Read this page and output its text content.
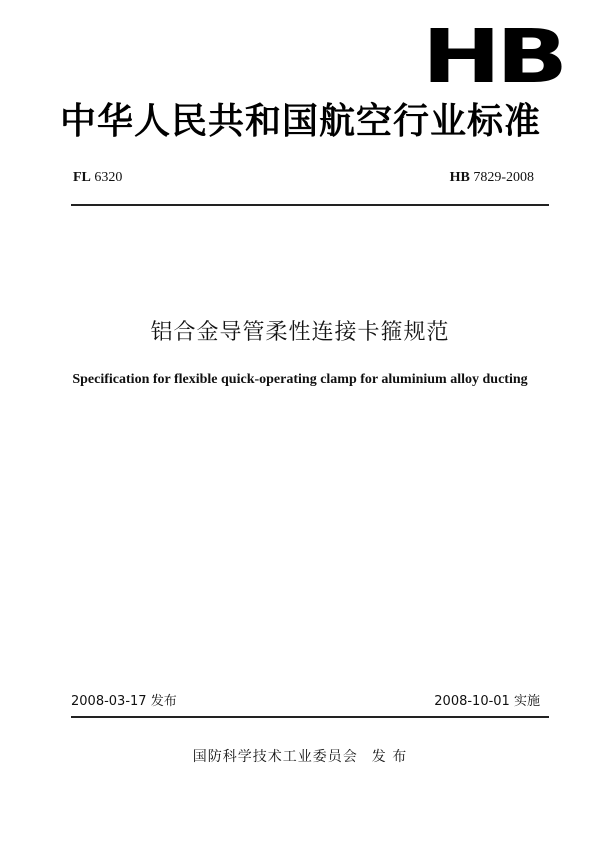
HB
中华人民共和国航空行业标准
FL 6320	HB 7829-2008
铝合金导管柔性连接卡箍规范
Specification for flexible quick-operating clamp for aluminium alloy ducting
2008-03-17 发布	2008-10-01 实施
国防科学技术工业委员会 发 布
